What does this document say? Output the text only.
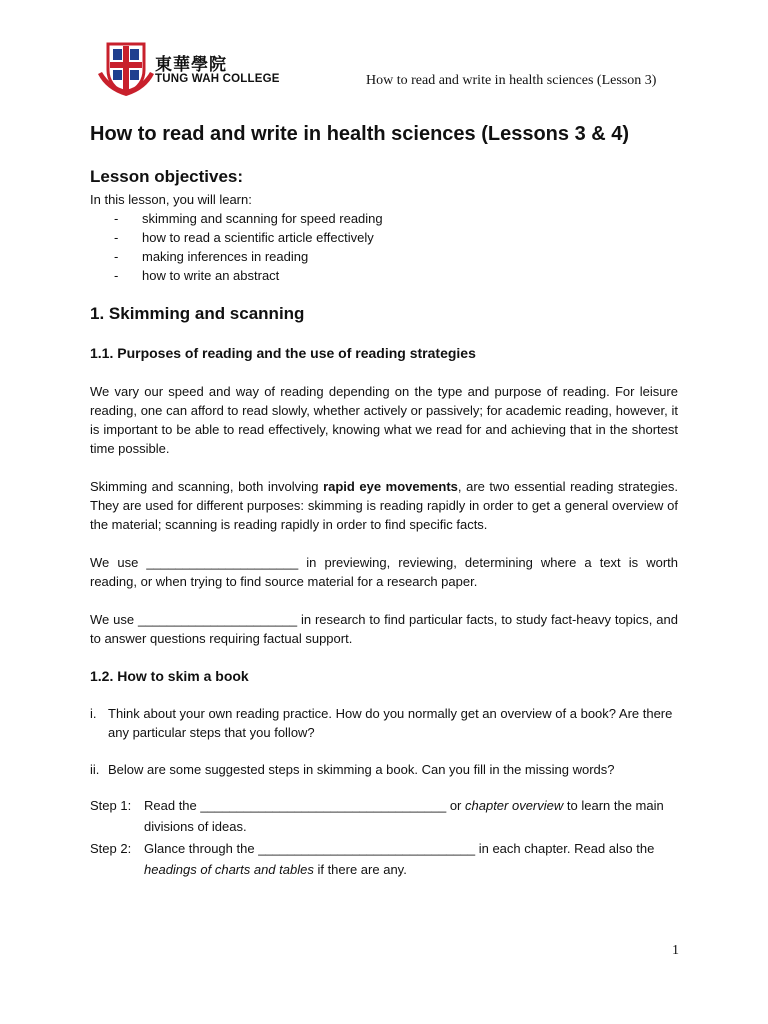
東華學院
TUNG WAH COLLEGE	How to read and write in health sciences (Lesson 3)
How to read and write in health sciences (Lessons 3 & 4)
Lesson objectives:
In this lesson, you will learn:
- skimming and scanning for speed reading
- how to read a scientific article effectively
- making inferences in reading
- how to write an abstract
1. Skimming and scanning
1.1. Purposes of reading and the use of reading strategies

We vary our speed and way of reading depending on the type and purpose of reading. For leisure reading, one can afford to read slowly, whether actively or passively; for academic reading, however, it is important to be able to read effectively, knowing what we read for and achieving that in the shortest time possible.

Skimming and scanning, both involving rapid eye movements, are two essential reading strategies. They are used for different purposes: skimming is reading rapidly in order to get a general overview of the material; scanning is reading rapidly in order to find specific facts.

We use _____________________ in previewing, reviewing, determining where a text is worth reading, or when trying to find source material for a research paper.

We use ______________________ in research to find particular facts, to study fact-heavy topics, and to answer questions requiring factual support.

1.2. How to skim a book
i. Think about your own reading practice. How do you normally get an overview of a book? Are there any particular steps that you follow?
ii. Below are some suggested steps in skimming a book. Can you fill in the missing words?
Step 1: Read the __________________________________ or chapter overview to learn the main divisions of ideas.
Step 2: Glance through the ______________________________ in each chapter. Read also the headings of charts and tables if there are any.
1
